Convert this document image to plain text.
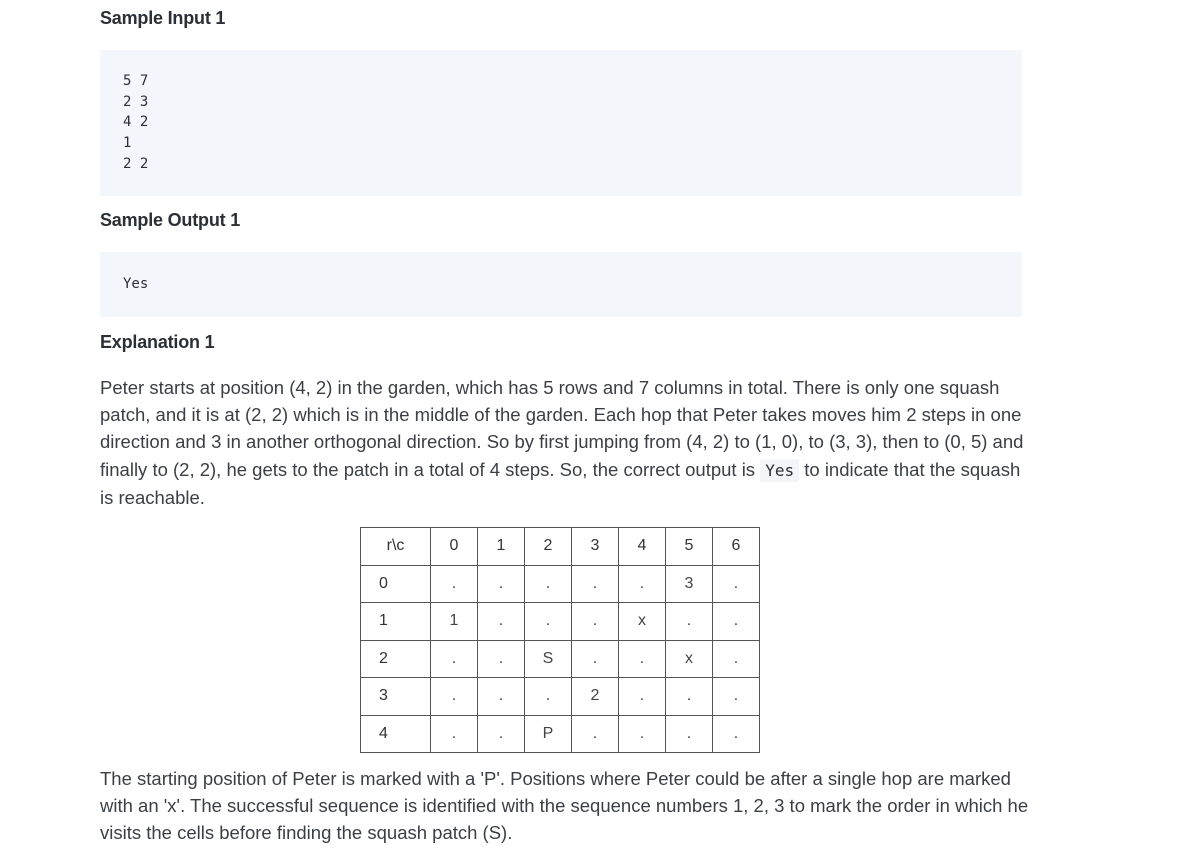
Sample Input 1
5 7
2 3
4 2
1
2 2
Sample Output 1
Yes
Explanation 1
Peter starts at position (4, 2) in the garden, which has 5 rows and 7 columns in total. There is only one squash patch, and it is at (2, 2) which is in the middle of the garden. Each hop that Peter takes moves him 2 steps in one direction and 3 in another orthogonal direction. So by first jumping from (4, 2) to (1, 0), to (3, 3), then to (0, 5) and finally to (2, 2), he gets to the patch in a total of 4 steps. So, the correct output is Yes to indicate that the squash is reachable.
r\c	0	1	2	3	4	5	6
0	.	.	.	.	.	3	.
1	1	.	.	.	x	.	.
2	.	.	S	.	.	x	.
3	.	.	.	2	.	.	.
4	.	.	P	.	.	.	.
The starting position of Peter is marked with a 'P'. Positions where Peter could be after a single hop are marked with an 'x'. The successful sequence is identified with the sequence numbers 1, 2, 3 to mark the order in which he visits the cells before finding the squash patch (S).
